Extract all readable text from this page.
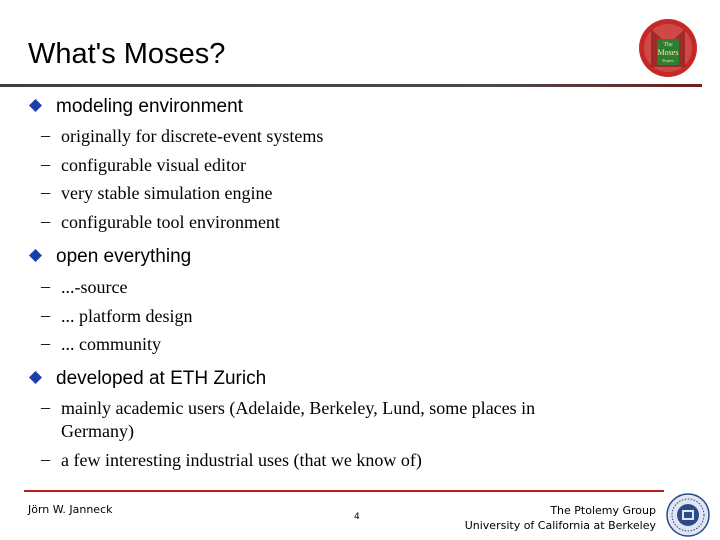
What's Moses?	The
Moses
Project
modeling environment
– originally for discrete-event systems
– configurable visual editor
– very stable simulation engine
– configurable tool environment
open everything
– ...-source
– ... platform design
– ... community
developed at ETH Zurich
– mainly academic users (Adelaide, Berkeley, Lund, some places in Germany)
– a few interesting industrial uses (that we know of)
Jörn W. Janneck
4	The Ptolemy Group
University of California at Berkeley
